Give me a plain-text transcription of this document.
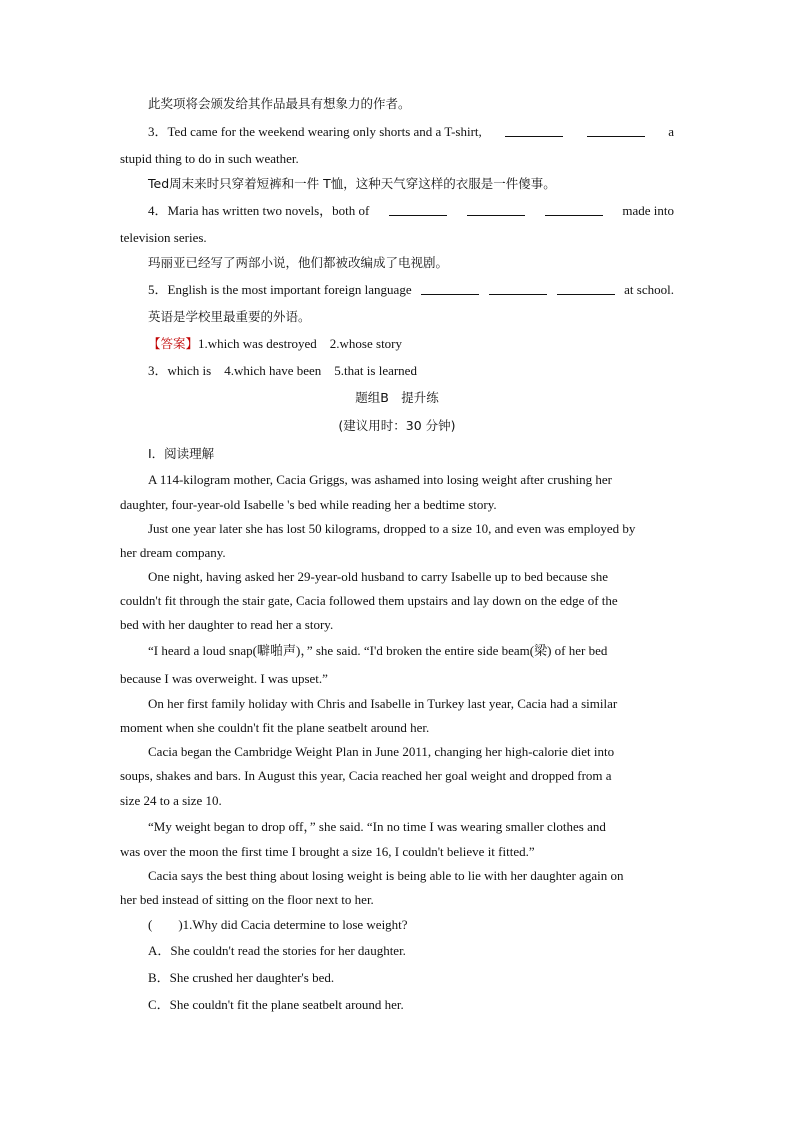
此奖项将会颁发给其作品最具有想象力的作者。
3．Ted came for the weekend wearing only shorts and a T-shirt,	a
stupid thing to do in such weather.
Ted周末来时只穿着短裤和一件 T恤，这种天气穿这样的衣服是一件傻事。
4．Maria has written two novels，both of	made into
television series.
玛丽亚已经写了两部小说，他们都被改编成了电视剧。
5．English is the most important foreign language	at school.
英语是学校里最重要的外语。
【答案】1.which was destroyed　2.whose story
3．which is　4.which have been　5.that is learned
题组B　提升练
(建议用时：30 分钟)
Ⅰ．阅读理解
A 114-kilogram mother, Cacia Griggs, was ashamed into losing weight after crushing her
daughter, four-year-old Isabelle 's bed while reading her a bedtime story.
Just one year later she has lost 50 kilograms, dropped to a size 10, and even was employed by
her dream company.
One night, having asked her 29-year-old husband to carry Isabelle up to bed because she
couldn't fit through the stair gate, Cacia followed them upstairs and lay down on the edge of the
bed with her daughter to read her a story.
“I heard a loud snap(噼啪声)，” she said. “I'd broken the entire side beam(梁) of her bed
because I was overweight. I was upset.”
On her first family holiday with Chris and Isabelle in Turkey last year, Cacia had a similar
moment when she couldn't fit the plane seatbelt around her.
Cacia began the Cambridge Weight Plan in June 2011, changing her high-calorie diet into
soups, shakes and bars. In August this year, Cacia reached her goal weight and dropped from a
size 24 to a size 10.
“My weight began to drop off，” she said. “In no time I was wearing smaller clothes and
was over the moon the first time I brought a size 16, I couldn't believe it fitted.”
Cacia says the best thing about losing weight is being able to lie with her daughter again on
her bed instead of sitting on the floor next to her.
(　　)1.Why did Cacia determine to lose weight?
A．She couldn't read the stories for her daughter.
B．She crushed her daughter's bed.
C．She couldn't fit the plane seatbelt around her.
